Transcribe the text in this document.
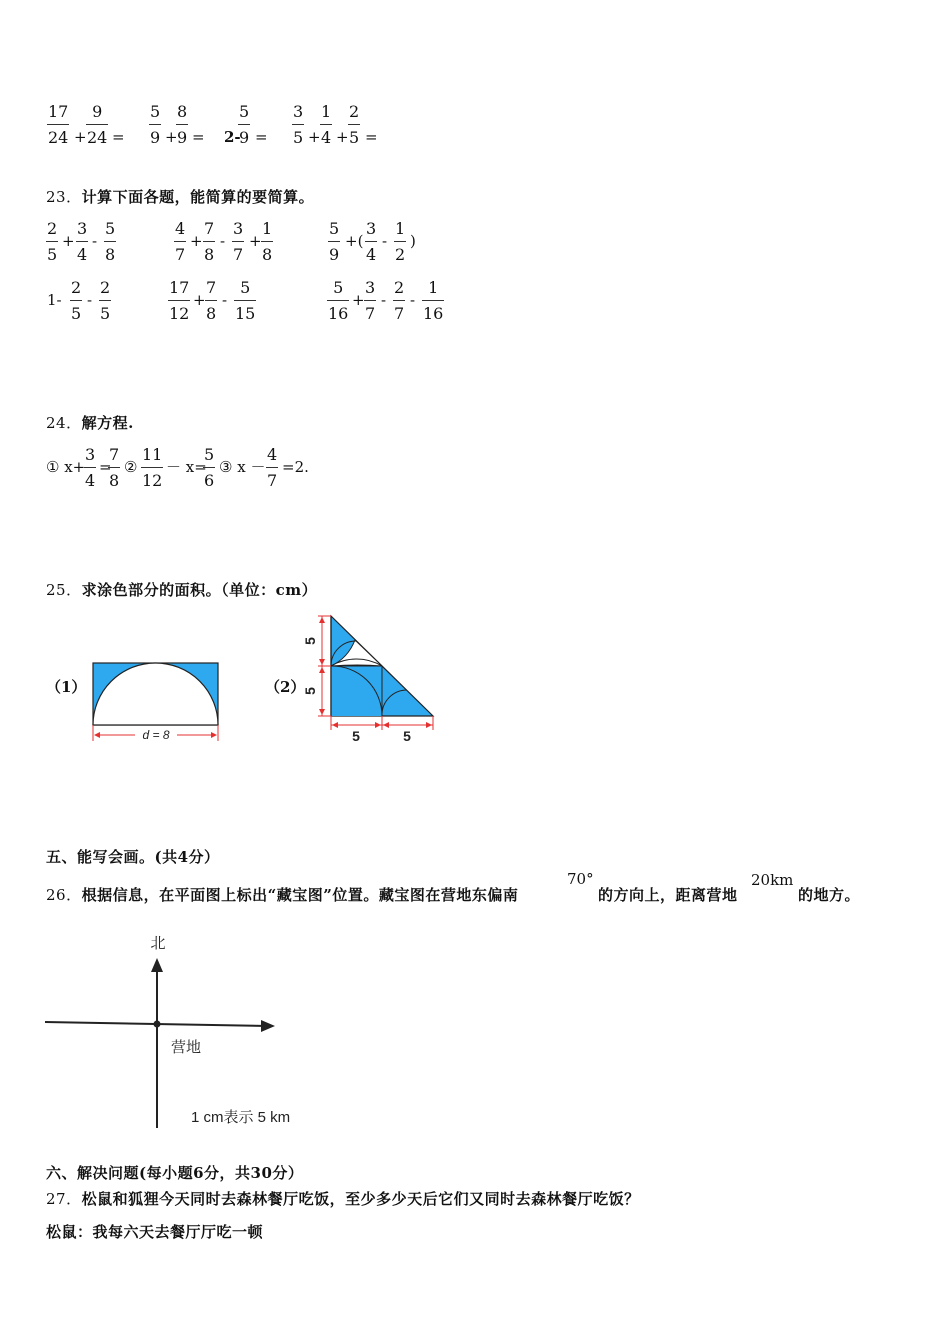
17
24 +
9
24 =
5
9 +
8
9 = 2-
5
9 =
3
5 +
1
4 +
2
5 =
23．计算下面各题，能简算的要简算。
2
5
+
3
4
-
5
8
4
7
+
7
8
-
3
7
+
1
8
5
9
+(
3
4
-
1
2
)
1-
2
5
-
2
5
17
12
+
7
8
-
5
15
5
16
+
3
7
-
2
7
-
1
16
24．解方程.
① x+
3
4
=
7
8
②
11
12
－ x=
5
6
③ x －
4
7
=2.
25．求涂色部分的面积。（单位：cm）
（1）	（2）
d = 8
5
5
5	5
五、能写会画。(共4分）
26．根据信息，在平面图上标出“藏宝图”位置。藏宝图在营地东偏南
70°
的方向上，距离营地
20km
的地方。
北
营地
1 cm表示 5 km
六、解决问题(每小题6分，共30分）
27．松鼠和狐狸今天同时去森林餐厅吃饭，至少多少天后它们又同时去森林餐厅吃饭？
松鼠：我每六天去餐厅厅吃一顿
